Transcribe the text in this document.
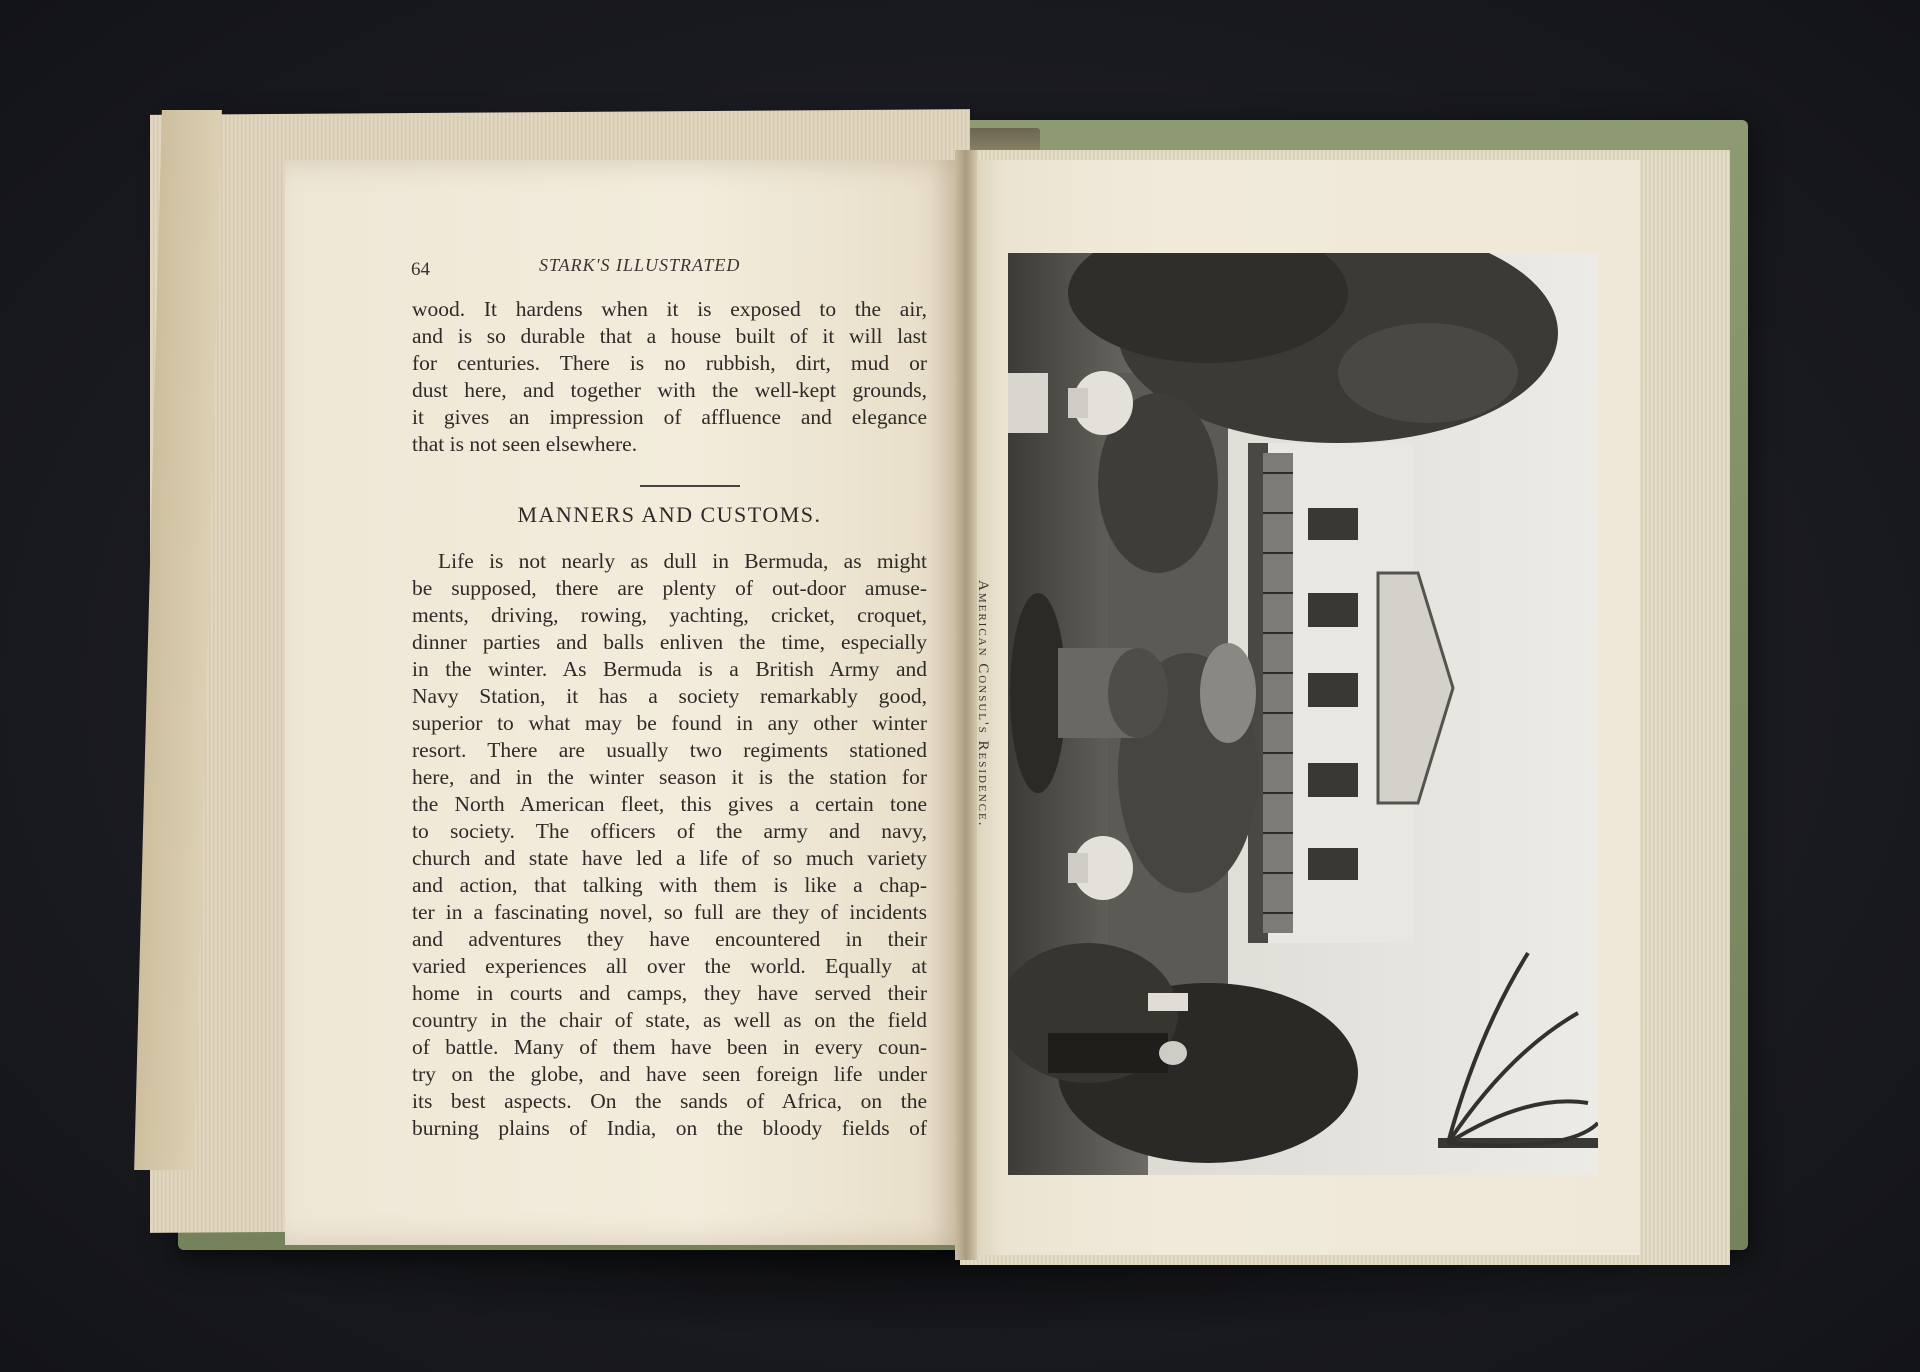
64	STARK'S ILLUSTRATED
wood. It hardens when it is exposed to the air,
and is so durable that a house built of it will last
for centuries. There is no rubbish, dirt, mud or
dust here, and together with the well-kept grounds,
it gives an impression of affluence and elegance
that is not seen elsewhere.
MANNERS AND CUSTOMS.
Life is not nearly as dull in Bermuda, as might
be supposed, there are plenty of out-door amuse-
ments, driving, rowing, yachting, cricket, croquet,
dinner parties and balls enliven the time, especially
in the winter. As Bermuda is a British Army and
Navy Station, it has a society remarkably good,
superior to what may be found in any other winter
resort. There are usually two regiments stationed
here, and in the winter season it is the station for
the North American fleet, this gives a certain tone
to society. The officers of the army and navy,
church and state have led a life of so much variety
and action, that talking with them is like a chap-
ter in a fascinating novel, so full are they of incidents
and adventures they have encountered in their
varied experiences all over the world. Equally at
home in courts and camps, they have served their
country in the chair of state, as well as on the field
of battle. Many of them have been in every coun-
try on the globe, and have seen foreign life under
its best aspects. On the sands of Africa, on the
burning plains of India, on the bloody fields of
American Consul's Residence.
